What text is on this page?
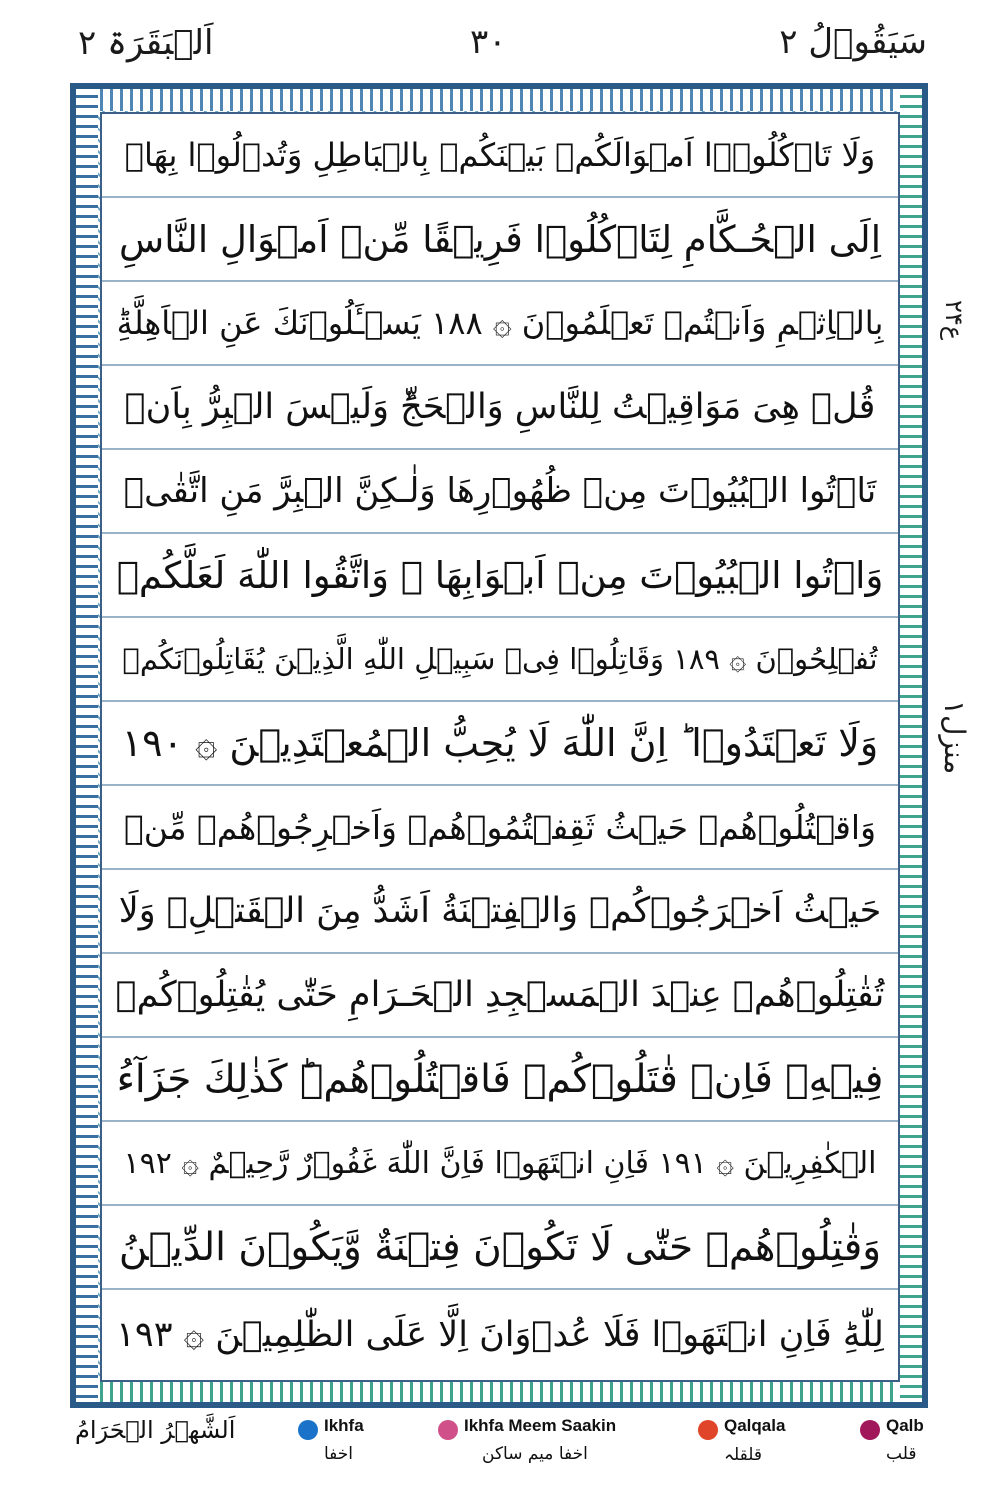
سَیَقُوۡلُ ۲
۳۰
اَلۡبَقَرَۃ ۲
وَلَا تَاۡكُلُوۡۤا اَمۡوَالَكُمۡ بَيۡنَكُمۡ بِالۡبَاطِلِ وَتُدۡلُوۡا بِهَاۤ
اِلَى الۡحُـكَّامِ لِتَاۡكُلُوۡا فَرِيۡقًا مِّنۡ اَمۡوَالِ النَّاسِ
بِالۡاِثۡمِ وَاَنۡتُمۡ تَعۡلَمُوۡنَ ۞ ۱۸۸ يَسۡـَٔلُوۡنَكَ عَنِ الۡاَهِلَّةِؕ
قُلۡ هِىَ مَوَاقِيۡتُ لِلنَّاسِ وَالۡحَجِّؕ وَلَيۡسَ الۡبِرُّ بِاَنۡ
تَاۡتُوا الۡبُيُوۡتَ مِنۡ ظُهُوۡرِهَا وَلٰـكِنَّ الۡبِرَّ مَنِ اتَّقٰىۚ
وَاۡتُوا الۡبُيُوۡتَ مِنۡ اَبۡوَابِهَا ۖ وَاتَّقُوا اللّٰهَ لَعَلَّكُمۡ
تُفۡلِحُوۡنَ ۞ ۱۸۹ وَقَاتِلُوۡا فِىۡ سَبِيۡلِ اللّٰهِ الَّذِيۡنَ يُقَاتِلُوۡنَكُمۡ
وَلَا تَعۡتَدُوۡا ؕ اِنَّ اللّٰهَ لَا يُحِبُّ الۡمُعۡتَدِيۡنَ ۞ ۱۹۰
وَاقۡتُلُوۡهُمۡ حَيۡثُ ثَقِفۡتُمُوۡهُمۡ وَاَخۡرِجُوۡهُمۡ مِّنۡ
حَيۡثُ اَخۡرَجُوۡكُمۡ وَالۡفِتۡنَةُ اَشَدُّ مِنَ الۡقَتۡلِۚ وَلَا
تُقٰتِلُوۡهُمۡ عِنۡدَ الۡمَسۡجِدِ الۡحَـرَامِ حَتّٰى يُقٰتِلُوۡكُمۡ
فِيۡهِۚ فَاِنۡ قٰتَلُوۡكُمۡ فَاقۡتُلُوۡهُمۡؕ كَذٰلِكَ جَزَآءُ
الۡكٰفِرِيۡنَ ۞ ۱۹۱ فَاِنِ انۡتَهَوۡا فَاِنَّ اللّٰهَ غَفُوۡرٌ رَّحِيۡمٌ ۞ ۱۹۲
وَقٰتِلُوۡهُمۡ حَتّٰى لَا تَكُوۡنَ فِتۡنَةٌ وَّيَكُوۡنَ الدِّيۡنُ
لِلّٰهِؕ فَاِنِ انۡتَهَوۡا فَلَا عُدۡوَانَ اِلَّا عَلَى الظّٰلِمِيۡنَ ۞ ۱۹۳
ع۲۴
منزل۱
اَلشَّھۡرُ الۡحَرَامُ	Ikhfa
اخفا
Ikhfa Meem Saakin
اخفا میم ساکن
Qalqala
قلقلہ
Qalb
قلب
